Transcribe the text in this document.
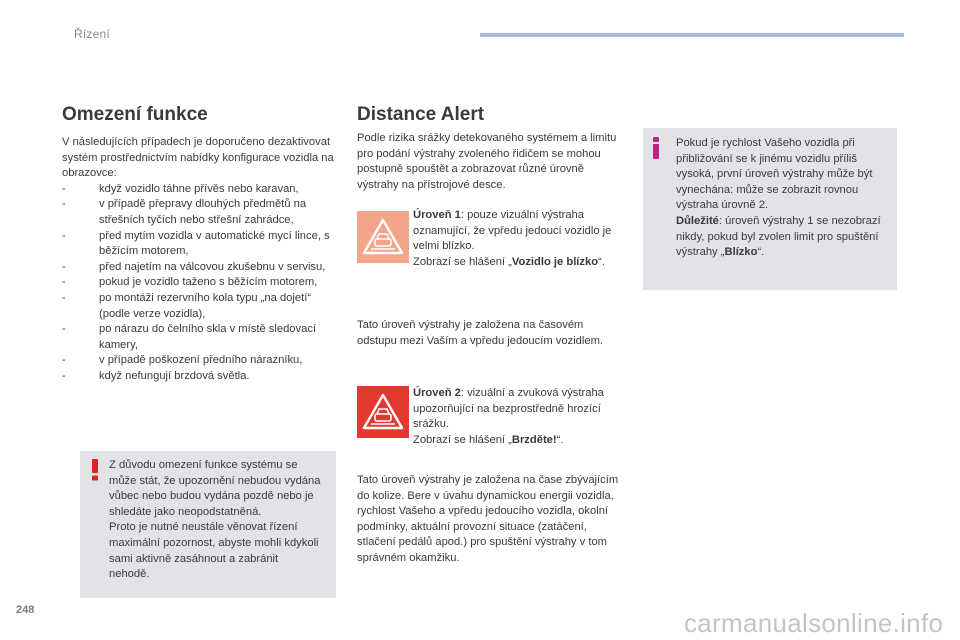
Řízení
Omezení funkce

V následujících případech je doporučeno dezaktivovat systém prostřednictvím nabídky konfigurace vozidla na obrazovce:

- když vozidlo táhne přívěs nebo karavan,
- v případě přepravy dlouhých předmětů na střešních tyčích nebo střešní zahrádce,
- před mytím vozidla v automatické mycí lince, s běžícím motorem,
- před najetím na válcovou zkušebnu v servisu,
- pokud je vozidlo taženo s běžícím motorem,
- po montáži rezervního kola typu „na dojetí“ (podle verze vozidla),
- po nárazu do čelního skla v místě sledovací kamery,
- v případě poškození předního nárazníku,
- když nefungují brzdová světla.

Z důvodu omezení funkce systému se může stát, že upozornění nebudou vydána vůbec nebo budou vydána pozdě nebo je shledáte jako neopodstatněná.

Proto je nutné neustále věnovat řízení maximální pozornost, abyste mohli kdykoli sami aktivně zasáhnout a zabránit nehodě.

Distance Alert
Podle rizika srážky detekovaného systémem a limitu pro podání výstrahy zvoleného řidičem se mohou postupně spouštět a zobrazovat různé úrovně výstrahy na přístrojové desce.
Úroveň 1: pouze vizuální výstraha oznamující, že vpředu jedoucí vozidlo je velmi blízko.
Zobrazí se hlášení „Vozidlo je blízko“.
Tato úroveň výstrahy je založena na časovém odstupu mezi Vaším a vpředu jedoucím vozidlem.
Úroveň 2: vizuální a zvuková výstraha upozorňující na bezprostředně hrozící srážku.
Zobrazí se hlášení „Brzděte!“.
Tato úroveň výstrahy je založena na čase zbývajícím do kolize. Bere v úvahu dynamickou energii vozidla, rychlost Vašeho a vpředu jedoucího vozidla, okolní podmínky, aktuální provozní situace (zatáčení, stlačení pedálů apod.) pro spuštění výstrahy v tom správném okamžiku.

Pokud je rychlost Vašeho vozidla při přibližování se k jinému vozidlu příliš vysoká, první úroveň výstrahy může být vynechána: může se zobrazit rovnou výstraha úrovně 2.

Důležité: úroveň výstrahy 1 se nezobrazí nikdy, pokud byl zvolen limit pro spuštění výstrahy „Blízko“.

248	carmanualsonline.info
